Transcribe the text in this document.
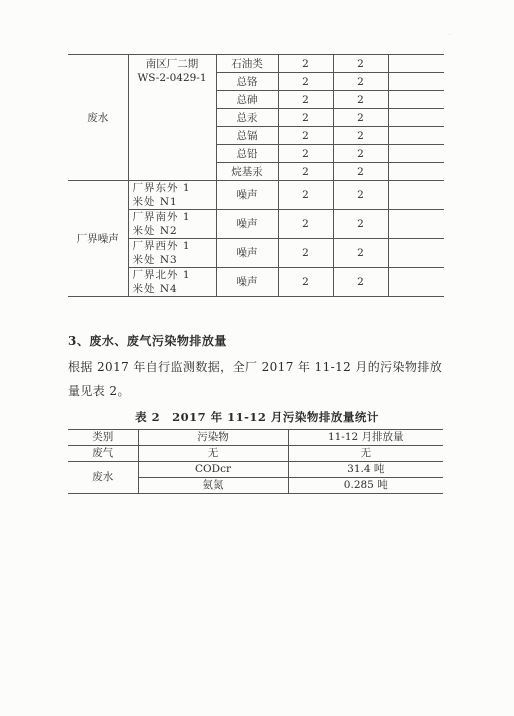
·
废水	南区厂二期
WS-2-0429-1	石油类	2	2	
		总铬	2	2	
		总砷	2	2	
		总汞	2	2	
		总镉	2	2	
		总铅	2	2	
		烷基汞	2	2	
厂界噪声	厂界东外 1
米处 N1	噪声	2	2	

	厂界南外 1
米处 N2	噪声	2	2	

	厂界西外 1
米处 N3	噪声	2	2	

	厂界北外 1
米处 N4	噪声	2	2	
3、废水、废气污染物排放量
根据 2017 年自行监测数据，全厂 2017 年 11-12 月的污染物排放量见表 2。
表 2　2017 年 11-12 月污染物排放量统计
类别	污染物	11-12 月排放量
废气	无	无
废水	CODcr	31.4 吨
	氨氮	0.285 吨
